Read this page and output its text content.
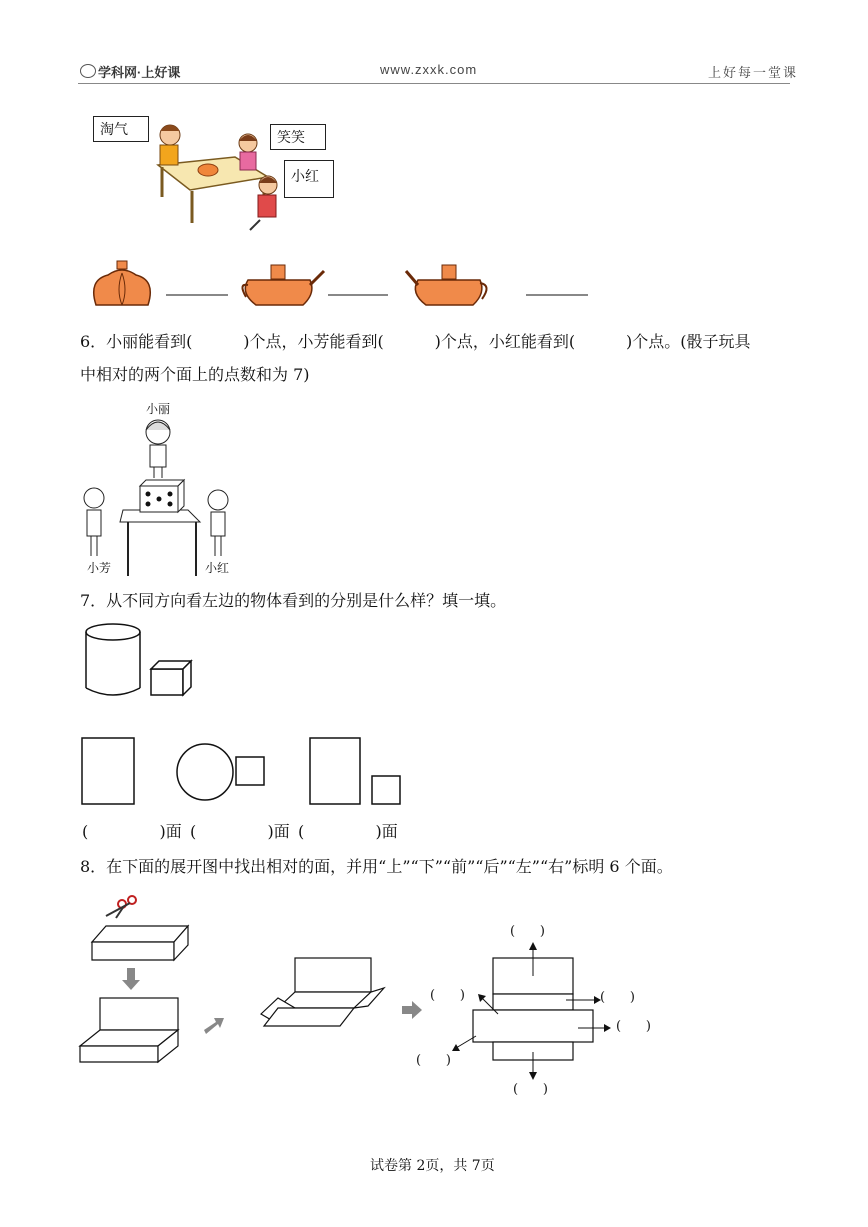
学科网·上好课	www.zxxk.com	上好每一堂课
淘气	笑笑
小红
6．小丽能看到(          )个点，小芳能看到(          )个点，小红能看到(          )个点。(骰子玩具
中相对的两个面上的点数和为 7)
小丽
小芳	小红
7．从不同方向看左边的物体看到的分别是什么样？填一填。
(              )面 (              )面 (              )面
8．在下面的展开图中找出相对的面，并用“上”“下”“前”“后”“左”“右”标明 6 个面。
(      )
(      )	(      )
(      )
(      )
(      )
试卷第 2页，共 7页
